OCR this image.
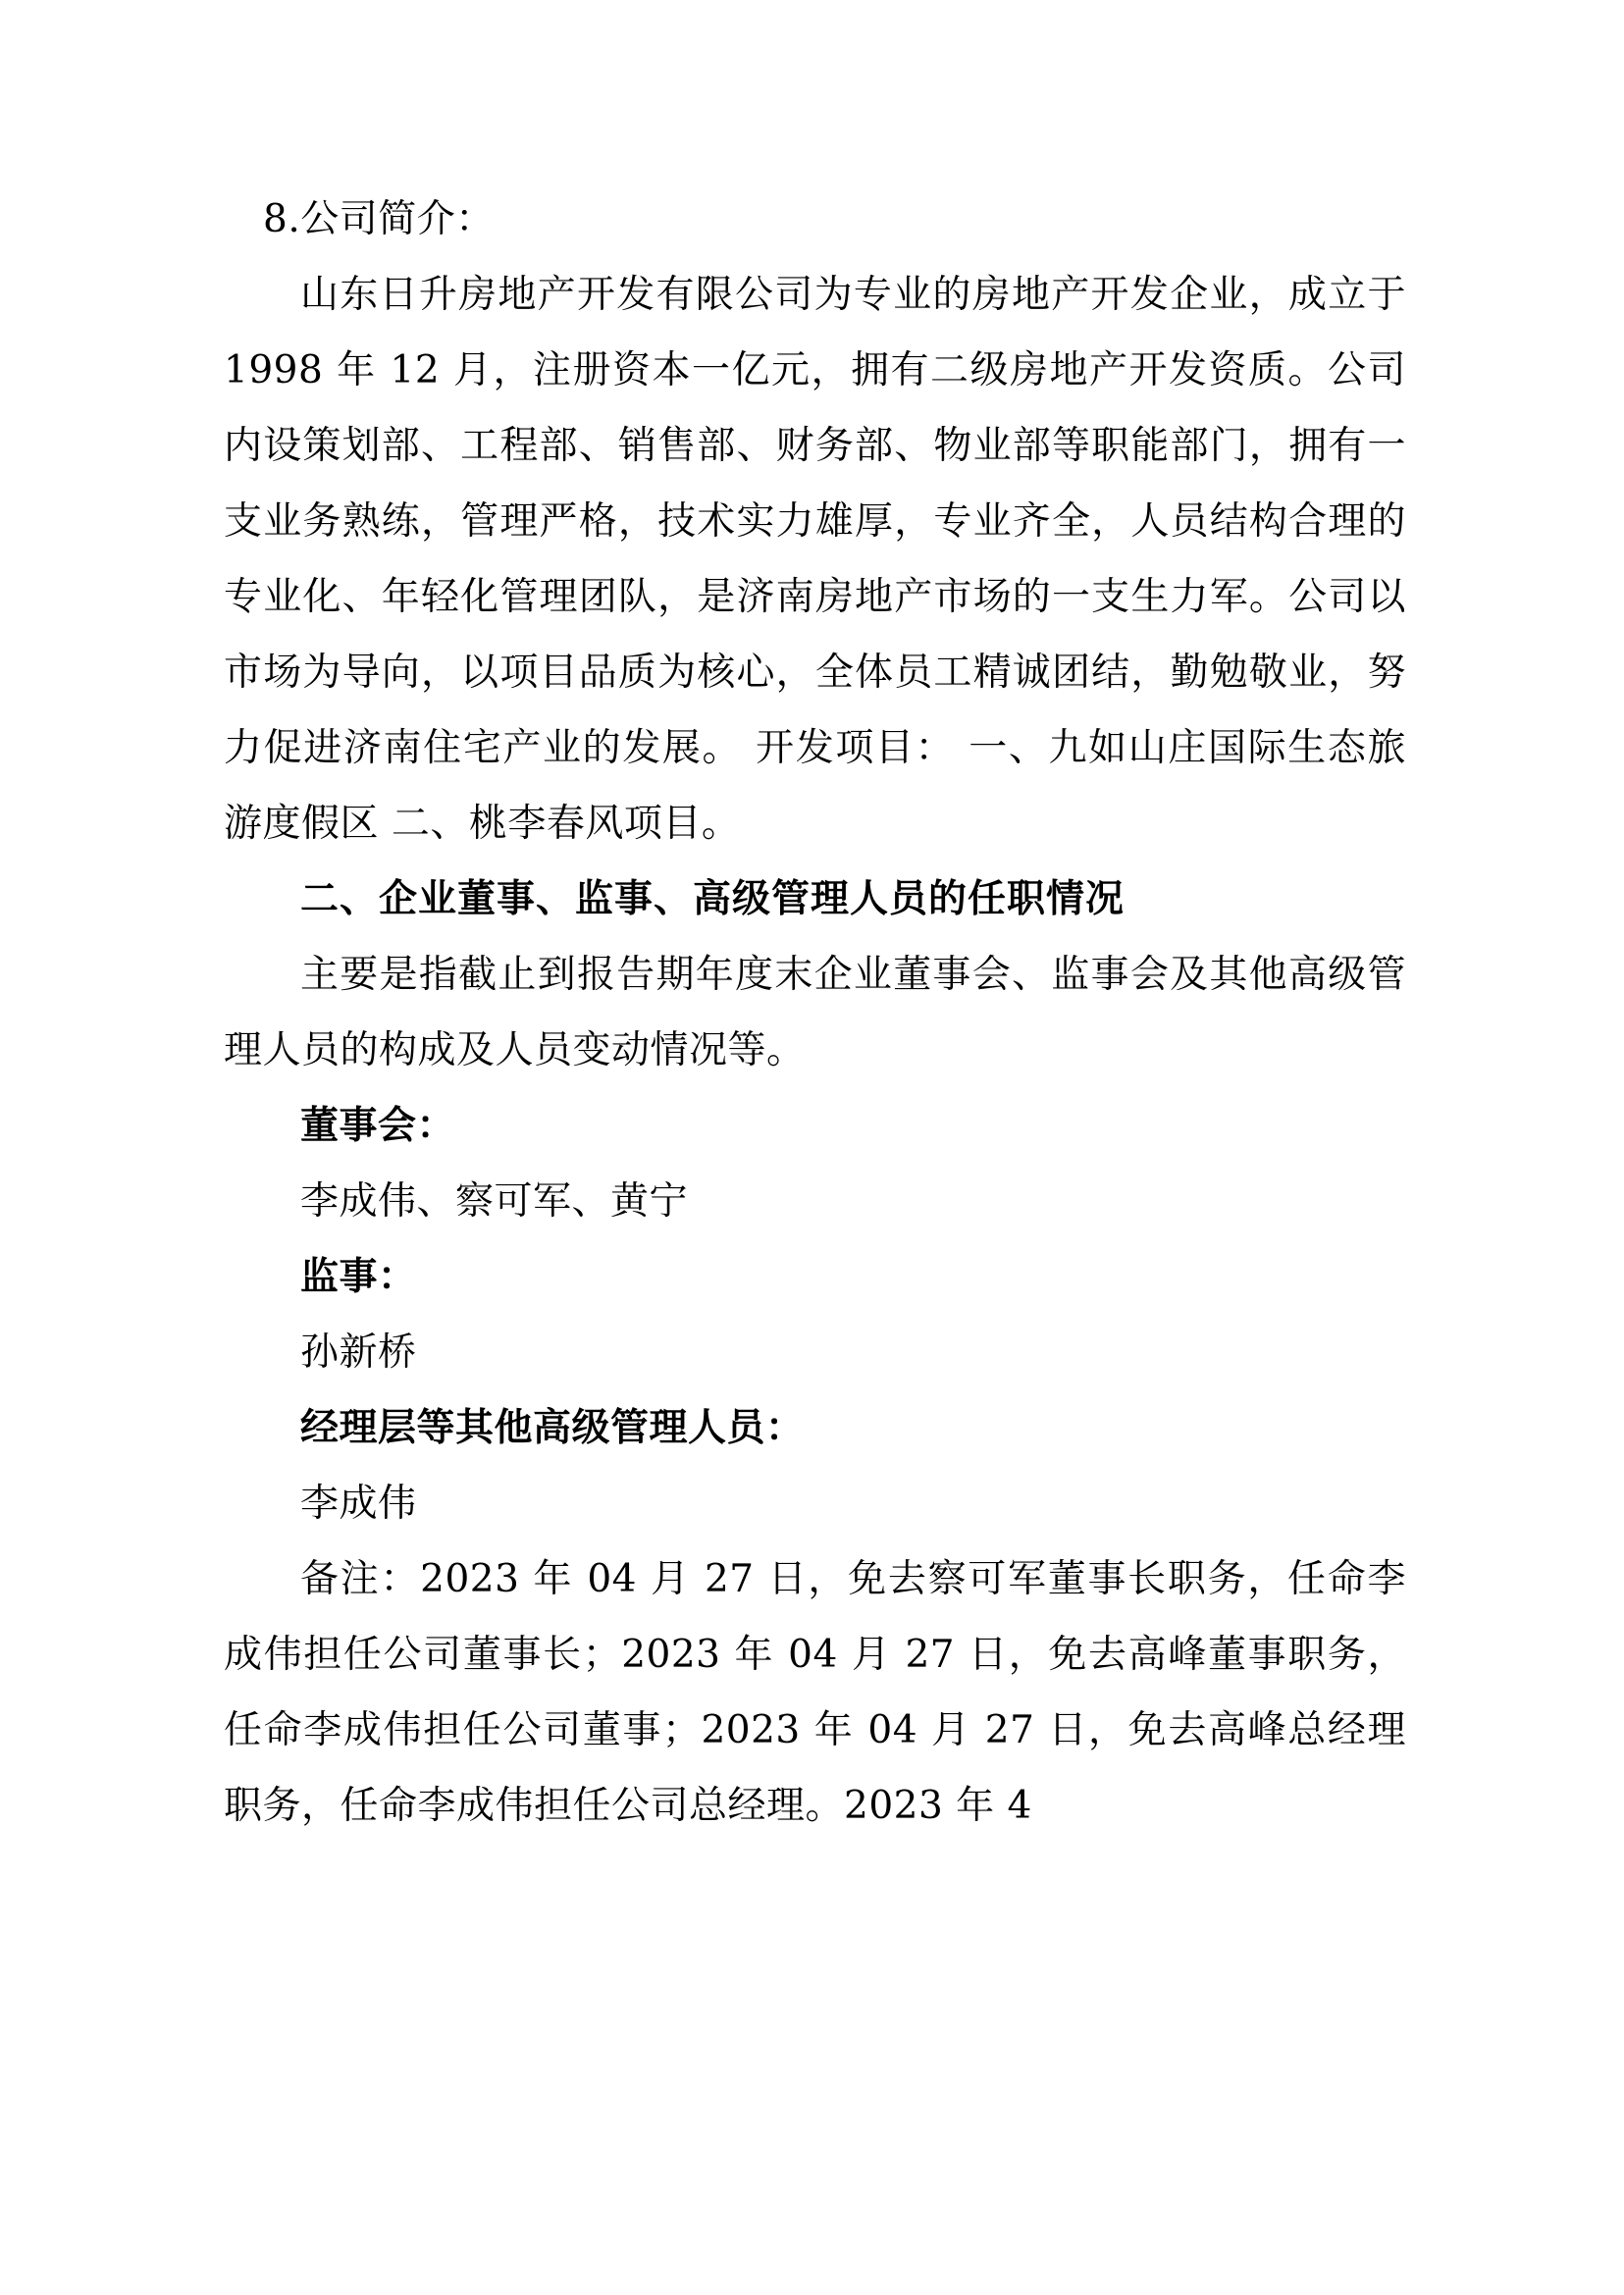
8.公司简介：

山东日升房地产开发有限公司为专业的房地产开发企业，成立于 1998 年 12 月，注册资本一亿元，拥有二级房地产开发资质。公司内设策划部、工程部、销售部、财务部、物业部等职能部门，拥有一支业务熟练，管理严格，技术实力雄厚，专业齐全，人员结构合理的专业化、年轻化管理团队，是济南房地产市场的一支生力军。公司以市场为导向，以项目品质为核心，全体员工精诚团结，勤勉敬业，努力促进济南住宅产业的发展。 开发项目： 一、九如山庄国际生态旅游度假区 二、桃李春风项目。

二、企业董事、监事、高级管理人员的任职情况

主要是指截止到报告期年度末企业董事会、监事会及其他高级管理人员的构成及人员变动情况等。

董事会：

李成伟、察可军、黄宁

监事：

孙新桥

经理层等其他高级管理人员：

李成伟

备注：2023 年 04 月 27 日，免去察可军董事长职务，任命李成伟担任公司董事长；2023 年 04 月 27 日，免去高峰董事职务，任命李成伟担任公司董事；2023 年 04 月 27 日，免去高峰总经理职务，任命李成伟担任公司总经理。2023 年 4
